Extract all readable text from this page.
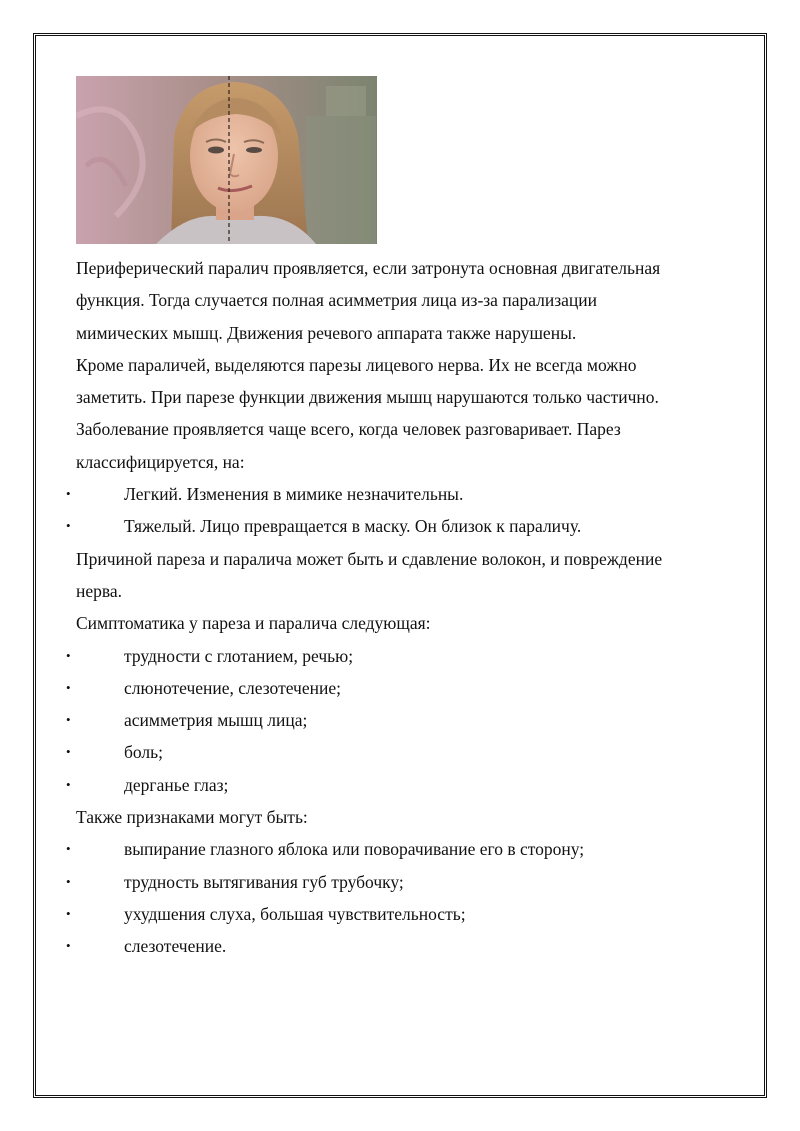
Периферический паралич проявляется, если затронута основная двигательная
функция. Тогда случается полная асимметрия лица из-за парализации
мимических мышц. Движения речевого аппарата также нарушены.
Кроме параличей, выделяются парезы лицевого нерва. Их не всегда можно
заметить. При парезе функции движения мышц нарушаются только частично.
Заболевание проявляется чаще всего, когда человек разговаривает. Парез
классифицируется, на:
•	Легкий. Изменения в мимике незначительны.
•	Тяжелый. Лицо превращается в маску. Он близок к параличу.
Причиной пареза и паралича может быть и сдавление волокон, и повреждение
нерва.
Симптоматика у пареза и паралича следующая:
•	трудности с глотанием, речью;
•	слюнотечение, слезотечение;
•	асимметрия мышц лица;
•	боль;
•	дерганье глаз;
Также признаками могут быть:
•	выпирание глазного яблока или поворачивание его в сторону;
•	трудность вытягивания губ трубочку;
•	ухудшения слуха, большая чувствительность;
•	слезотечение.
